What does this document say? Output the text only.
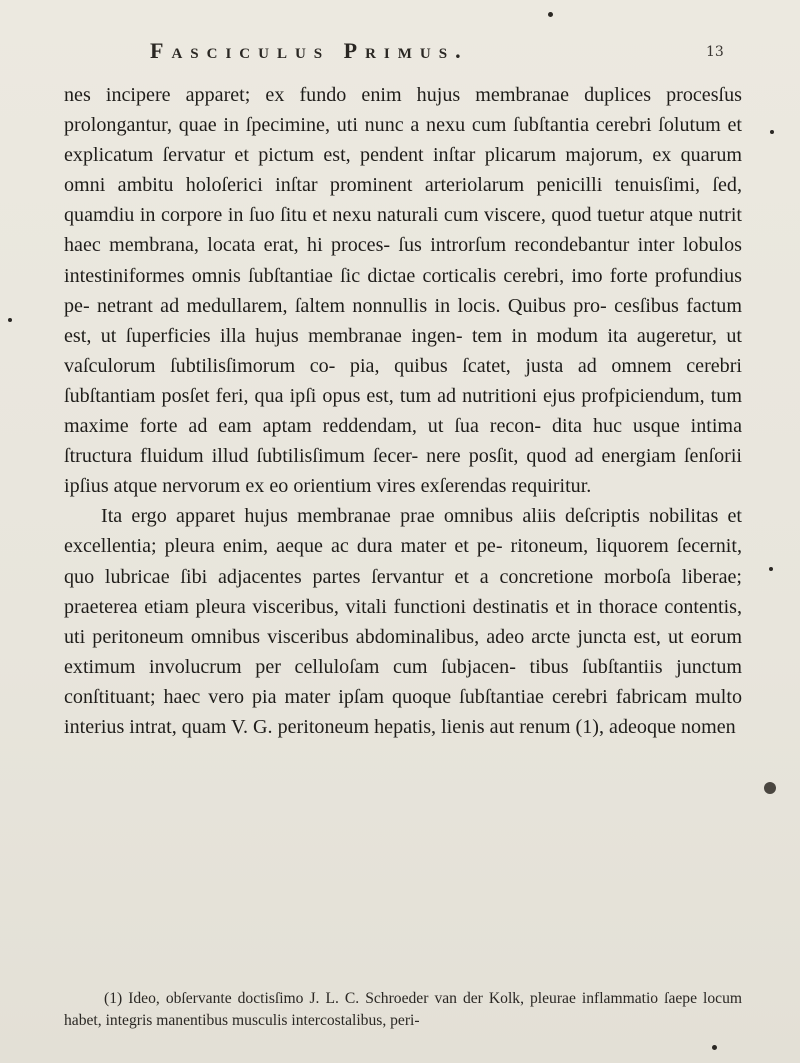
Fasciculus Primus.	13

nes incipere apparet; ex fundo enim hujus membranae duplices procesſus prolongantur, quae in ſpecimine, uti nunc a nexu cum ſubſtantia cerebri ſolutum et explicatum ſervatur et pictum est, pendent inſtar plicarum majorum, ex quarum omni ambitu holoſerici inſtar prominent arteriolarum penicilli tenuisſimi, ſed, quamdiu in corpore in ſuo ſitu et nexu naturali cum viscere, quod tuetur atque nutrit haec membrana, locata erat, hi proces- ſus introrſum recondebantur inter lobulos intestiniformes omnis ſubſtantiae ſic dictae corticalis cerebri, imo forte profundius pe- netrant ad medullarem, ſaltem nonnullis in locis. Quibus pro- cesſibus factum est, ut ſuperficies illa hujus membranae ingen- tem in modum ita augeretur, ut vaſculorum ſubtilisſimorum co- pia, quibus ſcatet, justa ad omnem cerebri ſubſtantiam posſet feri, qua ipſi opus est, tum ad nutritioni ejus profpiciendum, tum maxime forte ad eam aptam reddendam, ut ſua recon- dita huc usque intima ſtructura fluidum illud ſubtilisſimum ſecer- nere posſit, quod ad energiam ſenſorii ipſius atque nervorum ex eo orientium vires exſerendas requiritur.

Ita ergo apparet hujus membranae prae omnibus aliis deſcriptis nobilitas et excellentia; pleura enim, aeque ac dura mater et pe- ritoneum, liquorem ſecernit, quo lubricae ſibi adjacentes partes ſervantur et a concretione morboſa liberae; praeterea etiam pleura visceribus, vitali functioni destinatis et in thorace contentis, uti peritoneum omnibus visceribus abdominalibus, adeo arcte juncta est, ut eorum extimum involucrum per celluloſam cum ſubjacen- tibus ſubſtantiis junctum conſtituant; haec vero pia mater ipſam quoque ſubſtantiae cerebri fabricam multo interius intrat, quam V. G. peritoneum hepatis, lienis aut renum (1), adeoque nomen

(1) Ideo, obſervante doctisſimo J. L. C. Schroeder van der Kolk, pleurae inflammatio ſaepe locum habet, integris manentibus musculis intercostalibus, peri-
